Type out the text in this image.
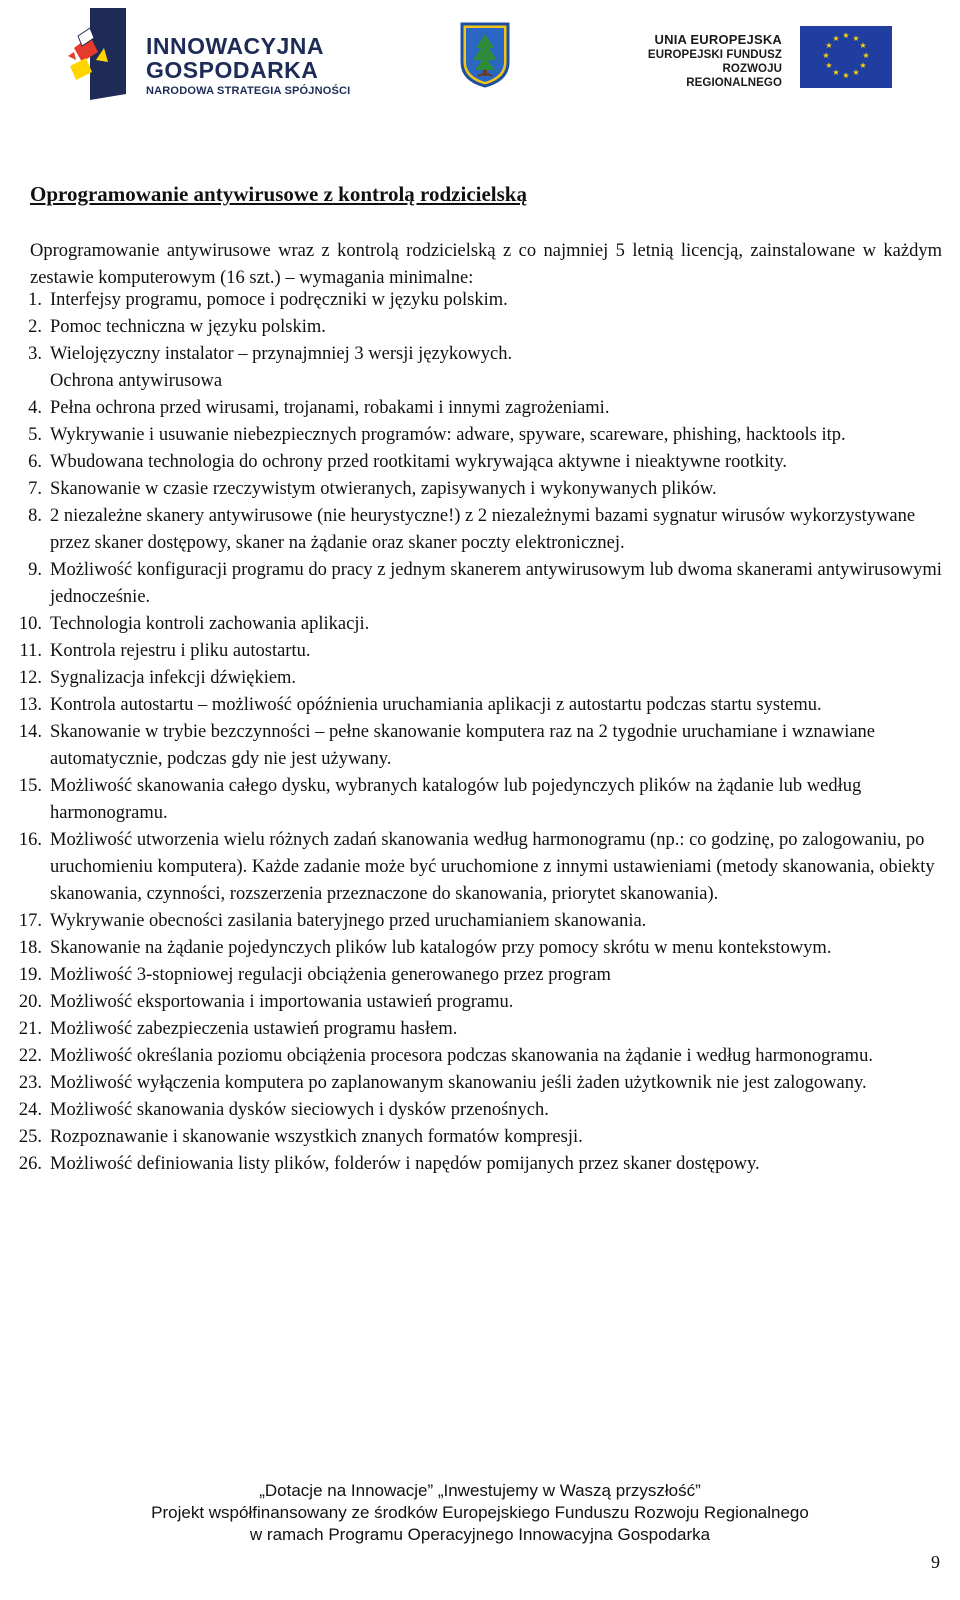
INNOWACYJNA
GOSPODARKA
NARODOWA STRATEGIA SPÓJNOŚCI
UNIA EUROPEJSKA
EUROPEJSKI FUNDUSZ
ROZWOJU REGIONALNEGO
★ ★
★
★
★
★
★
★
★
★
★
★
Oprogramowanie antywirusowe z kontrolą rodzicielską

Oprogramowanie antywirusowe wraz z kontrolą rodzicielską z co najmniej 5 letnią licencją, zainstalowane w każdym zestawie komputerowym (16 szt.) – wymagania minimalne:

1. Interfejsy programu, pomoce i podręczniki w języku polskim.
2. Pomoc techniczna w języku polskim.
3. Wielojęzyczny instalator – przynajmniej 3 wersji językowych.
Ochrona antywirusowa
4. Pełna ochrona przed wirusami, trojanami, robakami i innymi zagrożeniami.
5. Wykrywanie i usuwanie niebezpiecznych programów: adware, spyware, scareware, phishing, hacktools itp.
6. Wbudowana technologia do ochrony przed rootkitami wykrywająca aktywne i nieaktywne rootkity.
7. Skanowanie w czasie rzeczywistym otwieranych, zapisywanych i wykonywanych plików.
8. 2 niezależne skanery antywirusowe (nie heurystyczne!) z 2 niezależnymi bazami sygnatur wirusów wykorzystywane przez skaner dostępowy, skaner na żądanie oraz skaner poczty elektronicznej.
9. Możliwość konfiguracji programu do pracy z jednym skanerem antywirusowym lub dwoma skanerami antywirusowymi jednocześnie.
10. Technologia kontroli zachowania aplikacji.
11. Kontrola rejestru i pliku autostartu.
12. Sygnalizacja infekcji dźwiękiem.
13. Kontrola autostartu – możliwość opóźnienia uruchamiania aplikacji z autostartu podczas startu systemu.
14. Skanowanie w trybie bezczynności – pełne skanowanie komputera raz na 2 tygodnie uruchamiane i wznawiane automatycznie, podczas gdy nie jest używany.
15. Możliwość skanowania całego dysku, wybranych katalogów lub pojedynczych plików na żądanie lub według harmonogramu.
16. Możliwość utworzenia wielu różnych zadań skanowania według harmonogramu (np.: co godzinę, po zalogowaniu, po uruchomieniu komputera). Każde zadanie może być uruchomione z innymi ustawieniami (metody skanowania, obiekty skanowania, czynności, rozszerzenia przeznaczone do skanowania, priorytet skanowania).
17. Wykrywanie obecności zasilania bateryjnego przed uruchamianiem skanowania.
18. Skanowanie na żądanie pojedynczych plików lub katalogów przy pomocy skrótu w menu kontekstowym.
19. Możliwość 3-stopniowej regulacji obciążenia generowanego przez program
20. Możliwość eksportowania i importowania ustawień programu.
21. Możliwość zabezpieczenia ustawień programu hasłem.
22. Możliwość określania poziomu obciążenia procesora podczas skanowania na żądanie i według harmonogramu.
23. Możliwość wyłączenia komputera po zaplanowanym skanowaniu jeśli żaden użytkownik nie jest zalogowany.
24. Możliwość skanowania dysków sieciowych i dysków przenośnych.
25. Rozpoznawanie i skanowanie wszystkich znanych formatów kompresji.
26. Możliwość definiowania listy plików, folderów i napędów pomijanych przez skaner dostępowy.
„Dotacje na Innowacje” „Inwestujemy w Waszą przyszłość”
Projekt współfinansowany ze środków Europejskiego Funduszu Rozwoju Regionalnego
w ramach Programu Operacyjnego Innowacyjna Gospodarka
9
